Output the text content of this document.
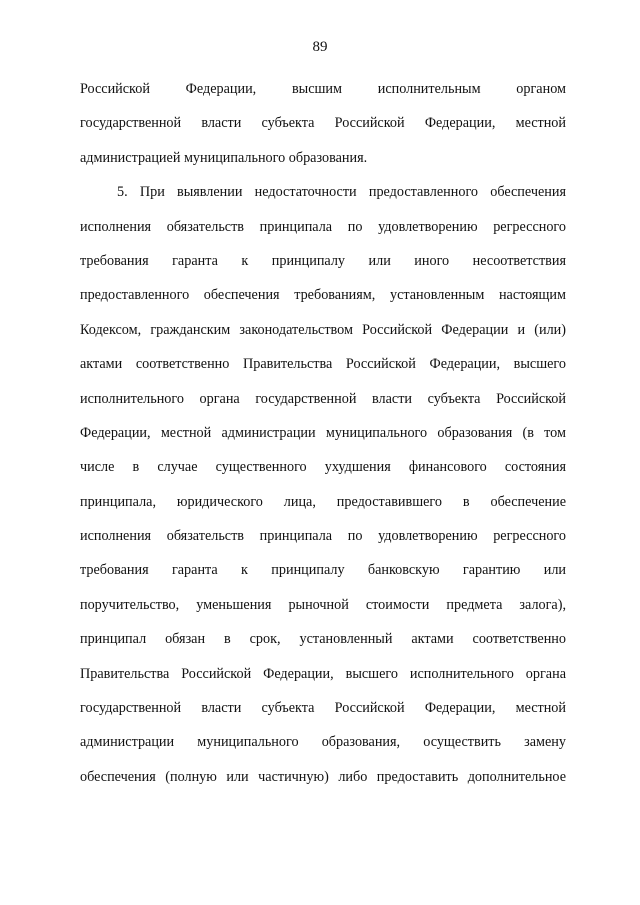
89
Российской Федерации, высшим исполнительным органом
государственной власти субъекта Российской Федерации, местной
администрацией муниципального образования.
5. При выявлении недостаточности предоставленного обеспечения
исполнения обязательств принципала по удовлетворению регрессного
требования гаранта к принципалу или иного несоответствия
предоставленного обеспечения требованиям, установленным настоящим
Кодексом, гражданским законодательством Российской Федерации и (или)
актами соответственно Правительства Российской Федерации, высшего
исполнительного органа государственной власти субъекта Российской
Федерации, местной администрации муниципального образования (в том
числе в случае существенного ухудшения финансового состояния
принципала, юридического лица, предоставившего в обеспечение
исполнения обязательств принципала по удовлетворению регрессного
требования гаранта к принципалу банковскую гарантию или
поручительство, уменьшения рыночной стоимости предмета залога),
принципал обязан в срок, установленный актами соответственно
Правительства Российской Федерации, высшего исполнительного органа
государственной власти субъекта Российской Федерации, местной
администрации муниципального образования, осуществить замену
обеспечения (полную или частичную) либо предоставить дополнительное
